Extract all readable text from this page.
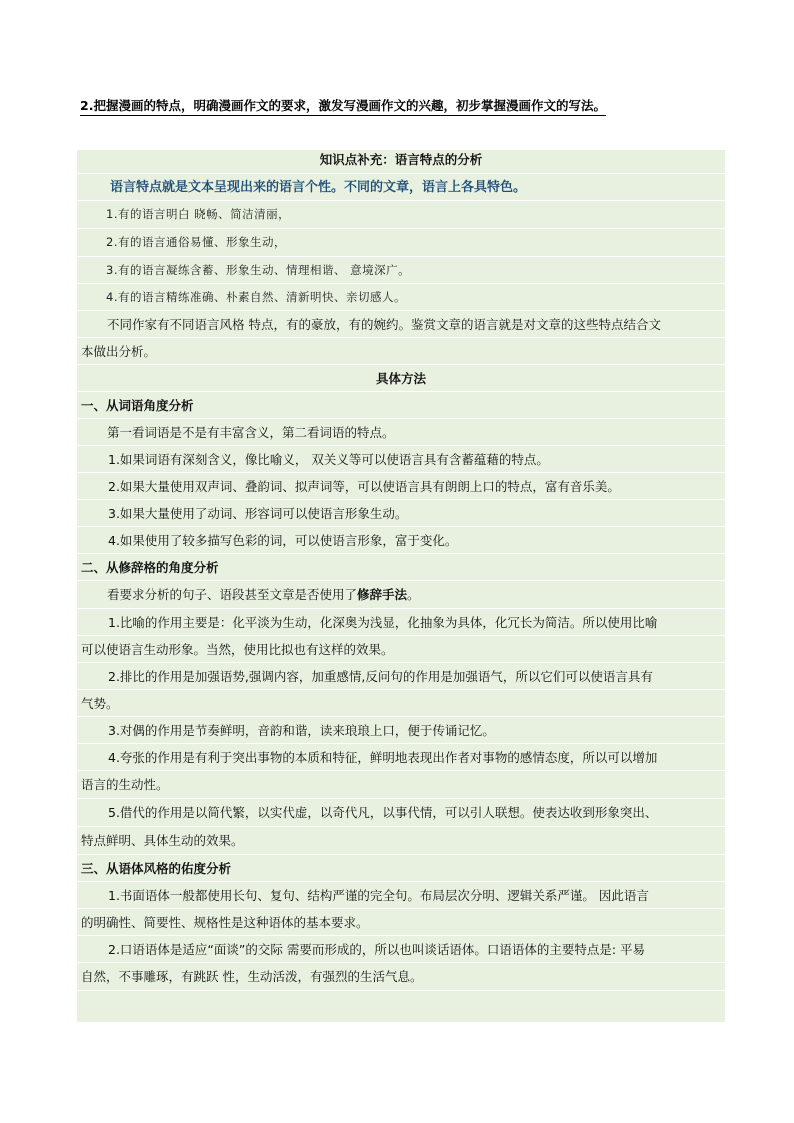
2.把握漫画的特点，明确漫画作文的要求，激发写漫画作文的兴趣，初步掌握漫画作文的写法。
知识点补充：语言特点的分析
语言特点就是文本呈现出来的语言个性。不同的文章，语言上各具特色。
1.有的语言明白 晓畅、简洁清丽，
2.有的语言通俗易懂、形象生动，
3.有的语言凝练含蓄、形象生动、情理相谐、 意境深广。
4.有的语言精练准确、朴素自然、清新明快、亲切感人。
不同作家有不同语言风格 特点，有的豪放，有的婉约。鉴赏文章的语言就是对文章的这些特点结合文
本做出分析。
具体方法
一、从词语角度分析
第一看词语是不是有丰富含义，第二看词语的特点。
1.如果词语有深刻含义，像比喻义， 双关义等可以使语言具有含蓄蕴藉的特点。
2.如果大量使用双声词、叠韵词、拟声词等，可以使语言具有朗朗上口的特点，富有音乐美。
3.如果大量使用了动词、形容词可以使语言形象生动。
4.如果使用了较多描写色彩的词，可以使语言形象，富于变化。
二、从修辞格的角度分析
看要求分析的句子、语段甚至文章是否使用了修辞手法。
1.比喻的作用主要是：化平淡为生动，化深奥为浅显，化抽象为具体，化冗长为简洁。所以使用比喻
可以使语言生动形象。当然，使用比拟也有这样的效果。
2.排比的作用是加强语势,强调内容，加重感情,反问句的作用是加强语气，所以它们可以使语言具有
气势。
3.对偶的作用是节奏鲜明，音韵和谐，读来琅琅上口，便于传诵记忆。
4.夸张的作用是有利于突出事物的本质和特征，鲜明地表现出作者对事物的感情态度，所以可以增加
语言的生动性。
5.借代的作用是以简代繁，以实代虚，以奇代凡，以事代情，可以引人联想。使表达收到形象突出、
特点鲜明、具体生动的效果。
三、从语体风格的佑度分析
1.书面语体一般都使用长句、复句、结构严谨的完全句。布局层次分明、逻辑关系严谨。 因此语言
的明确性、简要性、规格性是这种语体的基本要求。
2.口语语体是适应“面谈”的交际 需要而形成的，所以也叫谈话语体。口语语体的主要特点是: 平易
自然，不事雕琢，有跳跃 性，生动活泼，有强烈的生活气息。
